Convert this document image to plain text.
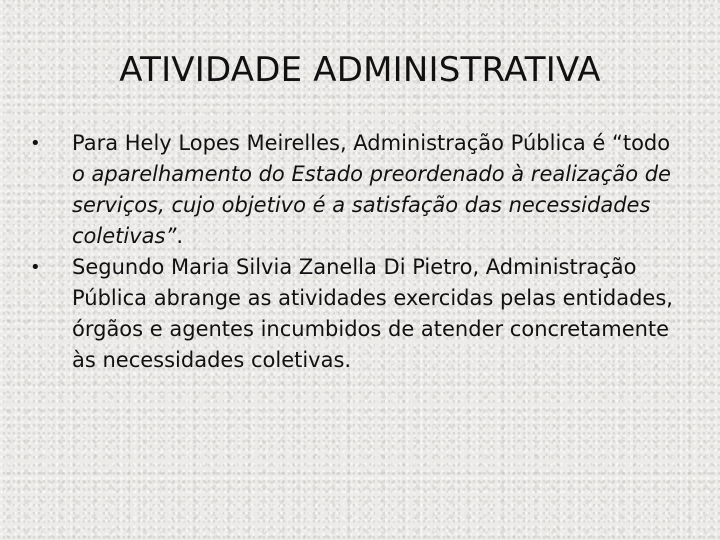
ATIVIDADE ADMINISTRATIVA
•	Para Hely Lopes Meirelles, Administração Pública é “todo o aparelhamento do Estado preordenado à realização de serviços, cujo objetivo é a satisfação das necessidades coletivas”.
•	Segundo Maria Silvia Zanella Di Pietro, Administração Pública abrange as atividades exercidas pelas entidades, órgãos e agentes incumbidos de atender concretamente às necessidades coletivas.
